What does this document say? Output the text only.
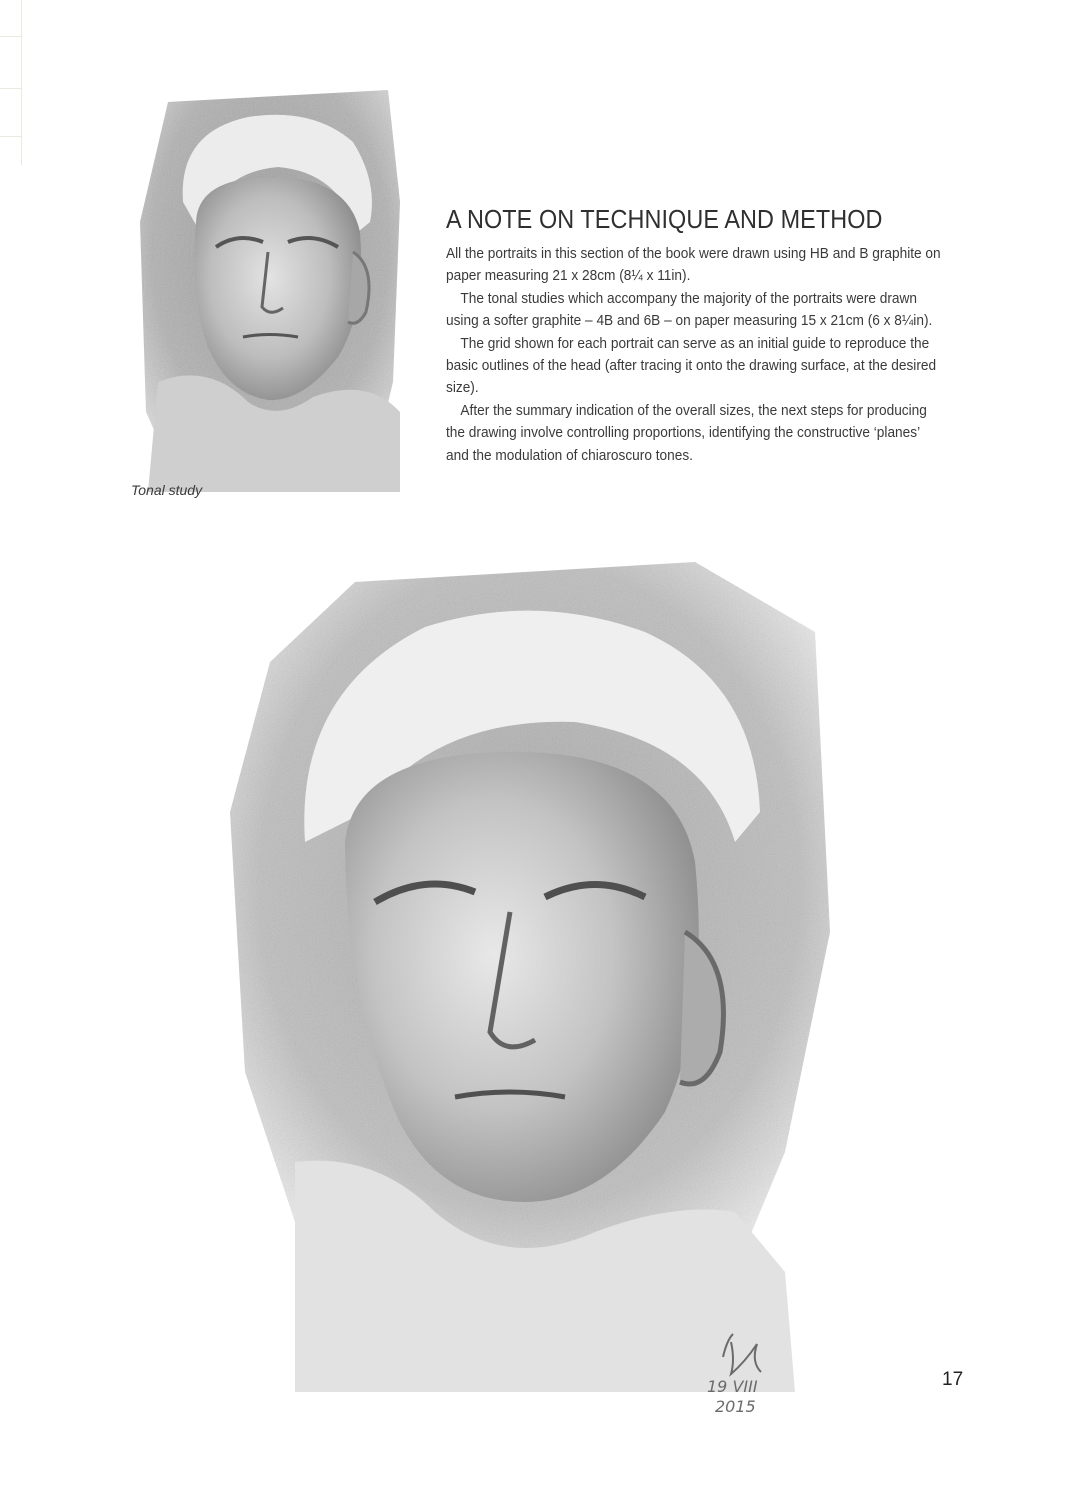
Tonal study
A NOTE ON TECHNIQUE AND METHOD

All the portraits in this section of the book were drawn using HB and B graphite on paper measuring 21 x 28cm (8¼ x 11in).

The tonal studies which accompany the majority of the portraits were drawn using a softer graphite – 4B and 6B – on paper measuring 15 x 21cm (6 x 8¼in).

The grid shown for each portrait can serve as an initial guide to reproduce the basic outlines of the head (after tracing it onto the drawing surface, at the desired size).

After the summary indication of the overall sizes, the next steps for producing the drawing involve controlling proportions, identifying the constructive ‘planes’ and the modulation of chiaroscuro tones.

19 VIII
2015
17
